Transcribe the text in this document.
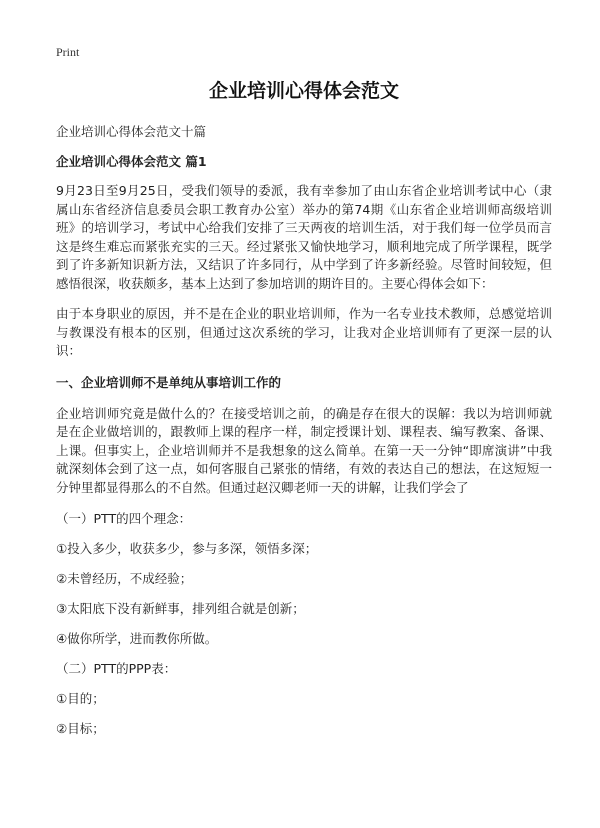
Print
企业培训心得体会范文

企业培训心得体会范文十篇

企业培训心得体会范文 篇1

9月23日至9月25日，受我们领导的委派，我有幸参加了由山东省企业培训考试中心（隶属山东省经济信息委员会职工教育办公室）举办的第74期《山东省企业培训师高级培训班》的培训学习，考试中心给我们安排了三天两夜的培训生活，对于我们每一位学员而言这是终生难忘而紧张充实的三天。经过紧张又愉快地学习，顺利地完成了所学课程，既学到了许多新知识新方法，又结识了许多同行，从中学到了许多新经验。尽管时间较短，但感悟很深，收获颇多，基本上达到了参加培训的期许目的。主要心得体会如下：

由于本身职业的原因，并不是在企业的职业培训师，作为一名专业技术教师，总感觉培训与教课没有根本的区别，但通过这次系统的学习，让我对企业培训师有了更深一层的认识：

一、企业培训师不是单纯从事培训工作的

企业培训师究竟是做什么的？在接受培训之前，的确是存在很大的误解：我以为培训师就是在企业做培训的，跟教师上课的程序一样，制定授课计划、课程表、编写教案、备课、上课。但事实上，企业培训师并不是我想象的这么简单。在第一天一分钟“即席演讲”中我就深刻体会到了这一点，如何客服自己紧张的情绪，有效的表达自己的想法，在这短短一分钟里都显得那么的不自然。但通过赵汉卿老师一天的讲解，让我们学会了

（一）PTT的四个理念：

①投入多少，收获多少，参与多深，领悟多深；

②未曾经历，不成经验；

③太阳底下没有新鲜事，排列组合就是创新；

④做你所学，进而教你所做。

（二）PTT的PPP表：

①目的；

②目标；
